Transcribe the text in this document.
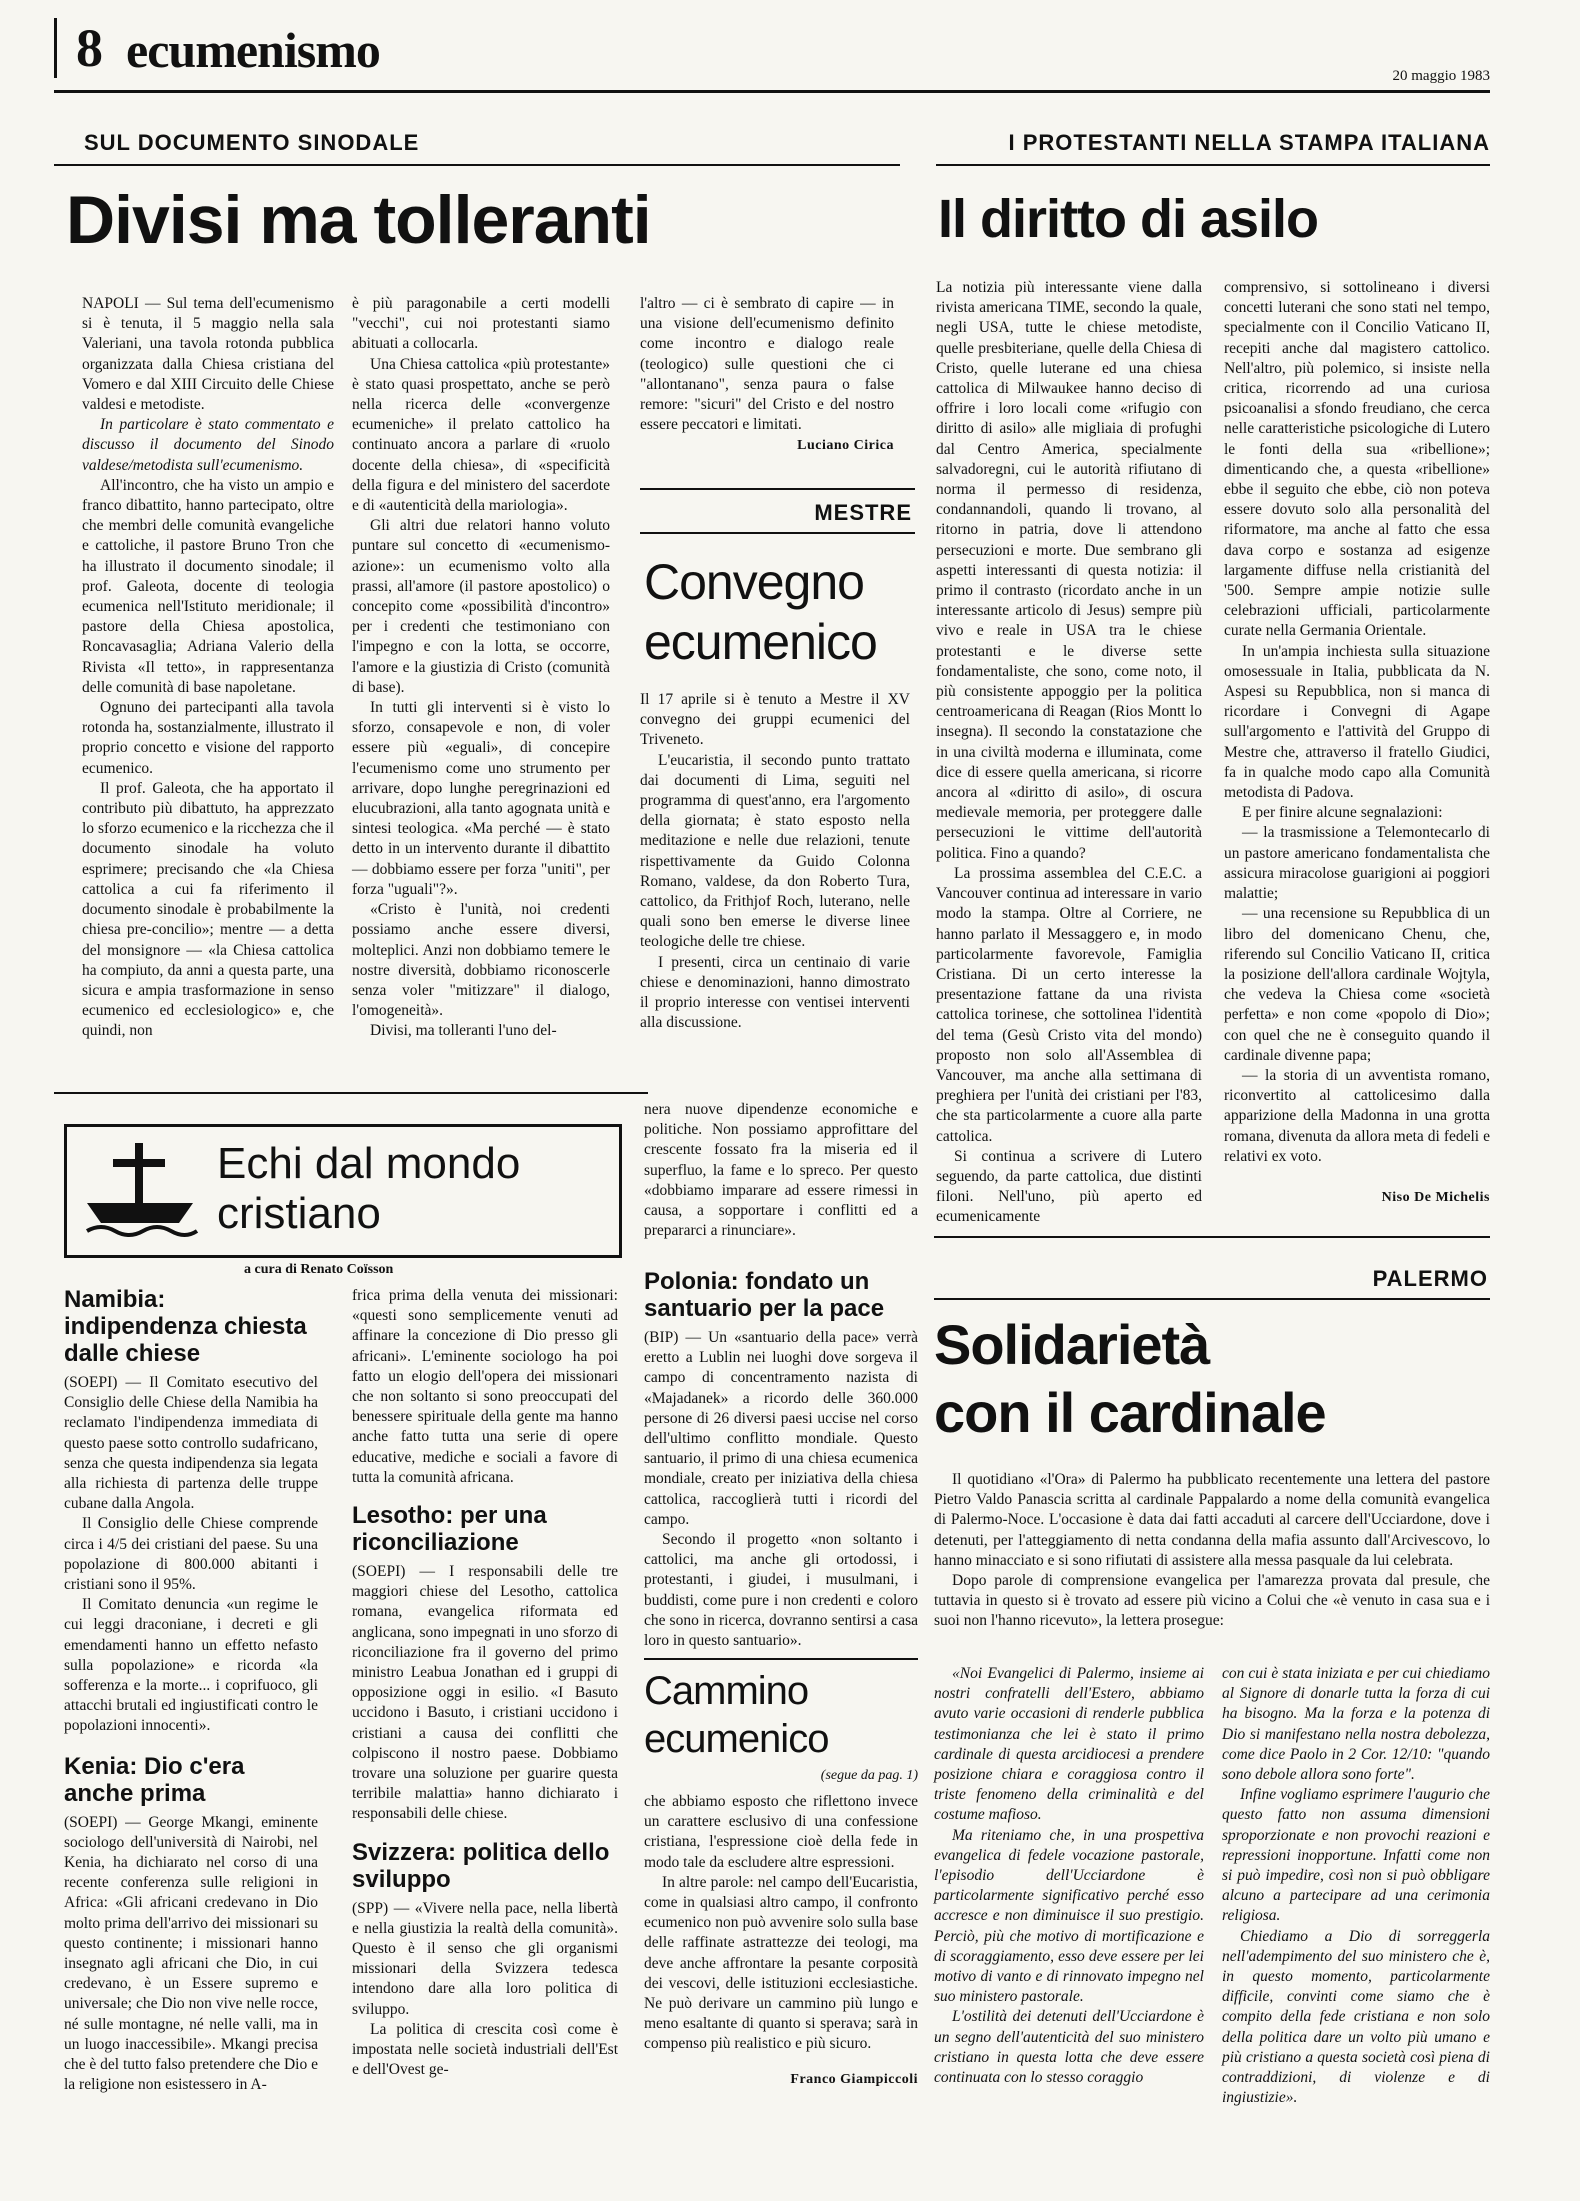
8 ecumenismo	20 maggio 1983
SUL DOCUMENTO SINODALE
Divisi ma tolleranti

NAPOLI — Sul tema dell'ecumenismo si è tenuta, il 5 maggio nella sala Valeriani, una tavola rotonda pubblica organizzata dalla Chiesa cristiana del Vomero e dal XIII Circuito delle Chiese valdesi e metodiste.

In particolare è stato commentato e discusso il documento del Sinodo valdese/metodista sull'ecumenismo.

All'incontro, che ha visto un ampio e franco dibattito, hanno partecipato, oltre che membri delle comunità evangeliche e cattoliche, il pastore Bruno Tron che ha illustrato il documento sinodale; il prof. Galeota, docente di teologia ecumenica nell'Istituto meridionale; il pastore della Chiesa apostolica, Roncavasaglia; Adriana Valerio della Rivista «Il tetto», in rappresentanza delle comunità di base napoletane.

Ognuno dei partecipanti alla tavola rotonda ha, sostanzialmente, illustrato il proprio concetto e visione del rapporto ecumenico.

Il prof. Galeota, che ha apportato il contributo più dibattuto, ha apprezzato lo sforzo ecumenico e la ricchezza che il documento sinodale ha voluto esprimere; precisando che «la Chiesa cattolica a cui fa riferimento il documento sinodale è probabilmente la chiesa pre-concilio»; mentre — a detta del monsignore — «la Chiesa cattolica ha compiuto, da anni a questa parte, una sicura e ampia trasformazione in senso ecumenico ed ecclesiologico» e, che quindi, non

è più paragonabile a certi modelli "vecchi", cui noi protestanti siamo abituati a collocarla.

Una Chiesa cattolica «più protestante» è stato quasi prospettato, anche se però nella ricerca delle «convergenze ecumeniche» il prelato cattolico ha continuato ancora a parlare di «ruolo docente della chiesa», di «specificità della figura e del ministero del sacerdote e di «autenticità della mariologia».

Gli altri due relatori hanno voluto puntare sul concetto di «ecumenismo-azione»: un ecumenismo volto alla prassi, all'amore (il pastore apostolico) o concepito come «possibilità d'incontro» per i credenti che testimoniano con l'impegno e con la lotta, se occorre, l'amore e la giustizia di Cristo (comunità di base).

In tutti gli interventi si è visto lo sforzo, consapevole e non, di voler essere più «eguali», di concepire l'ecumenismo come uno strumento per arrivare, dopo lunghe peregrinazioni ed elucubrazioni, alla tanto agognata unità e sintesi teologica. «Ma perché — è stato detto in un intervento durante il dibattito — dobbiamo essere per forza "uniti", per forza "uguali"?».

«Cristo è l'unità, noi credenti possiamo anche essere diversi, molteplici. Anzi non dobbiamo temere le nostre diversità, dobbiamo riconoscerle senza voler "mitizzare" il dialogo, l'omogeneità».

Divisi, ma tolleranti l'uno del-

l'altro — ci è sembrato di capire — in una visione dell'ecumenismo definito come incontro e dialogo reale (teologico) sulle questioni che ci "allontanano", senza paura o false remore: "sicuri" del Cristo e del nostro essere peccatori e limitati.

Luciano Cirica
MESTRE
Convegno
ecumenico

Il 17 aprile si è tenuto a Mestre il XV convegno dei gruppi ecumenici del Triveneto.

L'eucaristia, il secondo punto trattato dai documenti di Lima, seguiti nel programma di quest'anno, era l'argomento della giornata; è stato esposto nella meditazione e nelle due relazioni, tenute rispettivamente da Guido Colonna Romano, valdese, da don Roberto Tura, cattolico, da Frithjof Roch, luterano, nelle quali sono ben emerse le diverse linee teologiche delle tre chiese.

I presenti, circa un centinaio di varie chiese e denominazioni, hanno dimostrato il proprio interesse con ventisei interventi alla discussione.

I PROTESTANTI NELLA STAMPA ITALIANA
Il diritto di asilo

La notizia più interessante viene dalla rivista americana TIME, secondo la quale, negli USA, tutte le chiese metodiste, quelle presbiteriane, quelle della Chiesa di Cristo, quelle luterane ed una chiesa cattolica di Milwaukee hanno deciso di offrire i loro locali come «rifugio con diritto di asilo» alle migliaia di profughi dal Centro America, specialmente salvadoregni, cui le autorità rifiutano di norma il permesso di residenza, condannandoli, quando li trovano, al ritorno in patria, dove li attendono persecuzioni e morte. Due sembrano gli aspetti interessanti di questa notizia: il primo il contrasto (ricordato anche in un interessante articolo di Jesus) sempre più vivo e reale in USA tra le chiese protestanti e le diverse sette fondamentaliste, che sono, come noto, il più consistente appoggio per la politica centroamericana di Reagan (Rios Montt lo insegna). Il secondo la constatazione che in una civiltà moderna e illuminata, come dice di essere quella americana, si ricorre ancora al «diritto di asilo», di oscura medievale memoria, per proteggere dalle persecuzioni le vittime dell'autorità politica. Fino a quando?

La prossima assemblea del C.E.C. a Vancouver continua ad interessare in vario modo la stampa. Oltre al Corriere, ne hanno parlato il Messaggero e, in modo particolarmente favorevole, Famiglia Cristiana. Di un certo interesse la presentazione fattane da una rivista cattolica torinese, che sottolinea l'identità del tema (Gesù Cristo vita del mondo) proposto non solo all'Assemblea di Vancouver, ma anche alla settimana di preghiera per l'unità dei cristiani per l'83, che sta particolarmente a cuore alla parte cattolica.

Si continua a scrivere di Lutero seguendo, da parte cattolica, due distinti filoni. Nell'uno, più aperto ed ecumenicamente

comprensivo, si sottolineano i diversi concetti luterani che sono stati nel tempo, specialmente con il Concilio Vaticano II, recepiti anche dal magistero cattolico. Nell'altro, più polemico, si insiste nella critica, ricorrendo ad una curiosa psicoanalisi a sfondo freudiano, che cerca nelle caratteristiche psicologiche di Lutero le fonti della sua «ribellione»; dimenticando che, a questa «ribellione» ebbe il seguito che ebbe, ciò non poteva essere dovuto solo alla personalità del riformatore, ma anche al fatto che essa dava corpo e sostanza ad esigenze largamente diffuse nella cristianità del '500. Sempre ampie notizie sulle celebrazioni ufficiali, particolarmente curate nella Germania Orientale.

In un'ampia inchiesta sulla situazione omosessuale in Italia, pubblicata da N. Aspesi su Repubblica, non si manca di ricordare i Convegni di Agape sull'argomento e l'attività del Gruppo di Mestre che, attraverso il fratello Giudici, fa in qualche modo capo alla Comunità metodista di Padova.

E per finire alcune segnalazioni:

— la trasmissione a Telemontecarlo di un pastore americano fondamentalista che assicura miracolose guarigioni ai poggiori malattie;

— una recensione su Repubblica di un libro del domenicano Chenu, che, riferendo sul Concilio Vaticano II, critica la posizione dell'allora cardinale Wojtyla, che vedeva la Chiesa come «società perfetta» e non come «popolo di Dio»; con quel che ne è conseguito quando il cardinale divenne papa;

— la storia di un avventista romano, riconvertito al cattolicesimo dalla apparizione della Madonna in una grotta romana, divenuta da allora meta di fedeli e relativi ex voto.

Niso De Michelis
Echi dal mondo
cristiano
a cura di Renato Coïsson

nera nuove dipendenze economiche e politiche. Non possiamo approfittare del crescente fossato fra la miseria ed il superfluo, la fame e lo spreco. Per questo «dobbiamo imparare ad essere rimessi in causa, a sopportare i conflitti ed a prepararci a rinunciare».

Namibia: indipendenza chiesta dalle chiese

(SOEPI) — Il Comitato esecutivo del Consiglio delle Chiese della Namibia ha reclamato l'indipendenza immediata di questo paese sotto controllo sudafricano, senza che questa indipendenza sia legata alla richiesta di partenza delle truppe cubane dalla Angola.

Il Consiglio delle Chiese comprende circa i 4/5 dei cristiani del paese. Su una popolazione di 800.000 abitanti i cristiani sono il 95%.

Il Comitato denuncia «un regime le cui leggi draconiane, i decreti e gli emendamenti hanno un effetto nefasto sulla popolazione» e ricorda «la sofferenza e la morte... i coprifuoco, gli attacchi brutali ed ingiustificati contro le popolazioni innocenti».

Kenia: Dio c'era anche prima

(SOEPI) — George Mkangi, eminente sociologo dell'università di Nairobi, nel Kenia, ha dichiarato nel corso di una recente conferenza sulle religioni in Africa: «Gli africani credevano in Dio molto prima dell'arrivo dei missionari su questo continente; i missionari hanno insegnato agli africani che Dio, in cui credevano, è un Essere supremo e universale; che Dio non vive nelle rocce, né sulle montagne, né nelle valli, ma in un luogo inaccessibile». Mkangi precisa che è del tutto falso pretendere che Dio e la religione non esistessero in A-

frica prima della venuta dei missionari: «questi sono semplicemente venuti ad affinare la concezione di Dio presso gli africani». L'eminente sociologo ha poi fatto un elogio dell'opera dei missionari che non soltanto si sono preoccupati del benessere spirituale della gente ma hanno anche fatto tutta una serie di opere educative, mediche e sociali a favore di tutta la comunità africana.

Lesotho: per una riconciliazione

(SOEPI) — I responsabili delle tre maggiori chiese del Lesotho, cattolica romana, evangelica riformata ed anglicana, sono impegnati in uno sforzo di riconciliazione fra il governo del primo ministro Leabua Jonathan ed i gruppi di opposizione oggi in esilio. «I Basuto uccidono i Basuto, i cristiani uccidono i cristiani a causa dei conflitti che colpiscono il nostro paese. Dobbiamo trovare una soluzione per guarire questa terribile malattia» hanno dichiarato i responsabili delle chiese.

Svizzera: politica dello sviluppo

(SPP) — «Vivere nella pace, nella libertà e nella giustizia la realtà della comunità». Questo è il senso che gli organismi missionari della Svizzera tedesca intendono dare alla loro politica di sviluppo.

La politica di crescita così come è impostata nelle società industriali dell'Est e dell'Ovest ge-

Polonia: fondato un santuario per la pace

(BIP) — Un «santuario della pace» verrà eretto a Lublin nei luoghi dove sorgeva il campo di concentramento nazista di «Majadanek» a ricordo delle 360.000 persone di 26 diversi paesi uccise nel corso dell'ultimo conflitto mondiale. Questo santuario, il primo di una chiesa ecumenica mondiale, creato per iniziativa della chiesa cattolica, raccoglierà tutti i ricordi del campo.

Secondo il progetto «non soltanto i cattolici, ma anche gli ortodossi, i protestanti, i giudei, i musulmani, i buddisti, come pure i non credenti e coloro che sono in ricerca, dovranno sentirsi a casa loro in questo santuario».

Cammino
ecumenico
(segue da pag. 1)

che abbiamo esposto che riflettono invece un carattere esclusivo di una confessione cristiana, l'espressione cioè della fede in modo tale da escludere altre espressioni.

In altre parole: nel campo dell'Eucaristia, come in qualsiasi altro campo, il confronto ecumenico non può avvenire solo sulla base delle raffinate astrattezze dei teologi, ma deve anche affrontare la pesante corposità dei vescovi, delle istituzioni ecclesiastiche. Ne può derivare un cammino più lungo e meno esaltante di quanto si sperava; sarà in compenso più realistico e più sicuro.

Franco Giampiccoli
PALERMO
Solidarietà
con il cardinale

Il quotidiano «l'Ora» di Palermo ha pubblicato recentemente una lettera del pastore Pietro Valdo Panascia scritta al cardinale Pappalardo a nome della comunità evangelica di Palermo-Noce. L'occasione è data dai fatti accaduti al carcere dell'Ucciardone, dove i detenuti, per l'atteggiamento di netta condanna della mafia assunto dall'Arcivescovo, lo hanno minacciato e si sono rifiutati di assistere alla messa pasquale da lui celebrata.

Dopo parole di comprensione evangelica per l'amarezza provata dal presule, che tuttavia in questo si è trovato ad essere più vicino a Colui che «è venuto in casa sua e i suoi non l'hanno ricevuto», la lettera prosegue:

«Noi Evangelici di Palermo, insieme ai nostri confratelli dell'Estero, abbiamo avuto varie occasioni di renderle pubblica testimonianza che lei è stato il primo cardinale di questa arcidiocesi a prendere posizione chiara e coraggiosa contro il triste fenomeno della criminalità e del costume mafioso.

Ma riteniamo che, in una prospettiva evangelica di fedele vocazione pastorale, l'episodio dell'Ucciardone è particolarmente significativo perché esso accresce e non diminuisce il suo prestigio. Perciò, più che motivo di mortificazione e di scoraggiamento, esso deve essere per lei motivo di vanto e di rinnovato impegno nel suo ministero pastorale.

L'ostilità dei detenuti dell'Ucciardone è un segno dell'autenticità del suo ministero cristiano in questa lotta che deve essere continuata con lo stesso coraggio

con cui è stata iniziata e per cui chiediamo al Signore di donarle tutta la forza di cui ha bisogno. Ma la forza e la potenza di Dio si manifestano nella nostra debolezza, come dice Paolo in 2 Cor. 12/10: "quando sono debole allora sono forte".

Infine vogliamo esprimere l'augurio che questo fatto non assuma dimensioni sproporzionate e non provochi reazioni e repressioni inopportune. Infatti come non si può impedire, così non si può obbligare alcuno a partecipare ad una cerimonia religiosa.

Chiediamo a Dio di sorreggerla nell'adempimento del suo ministero che è, in questo momento, particolarmente difficile, convinti come siamo che è compito della fede cristiana e non solo della politica dare un volto più umano e più cristiano a questa società così piena di contraddizioni, di violenze e di ingiustizie».
